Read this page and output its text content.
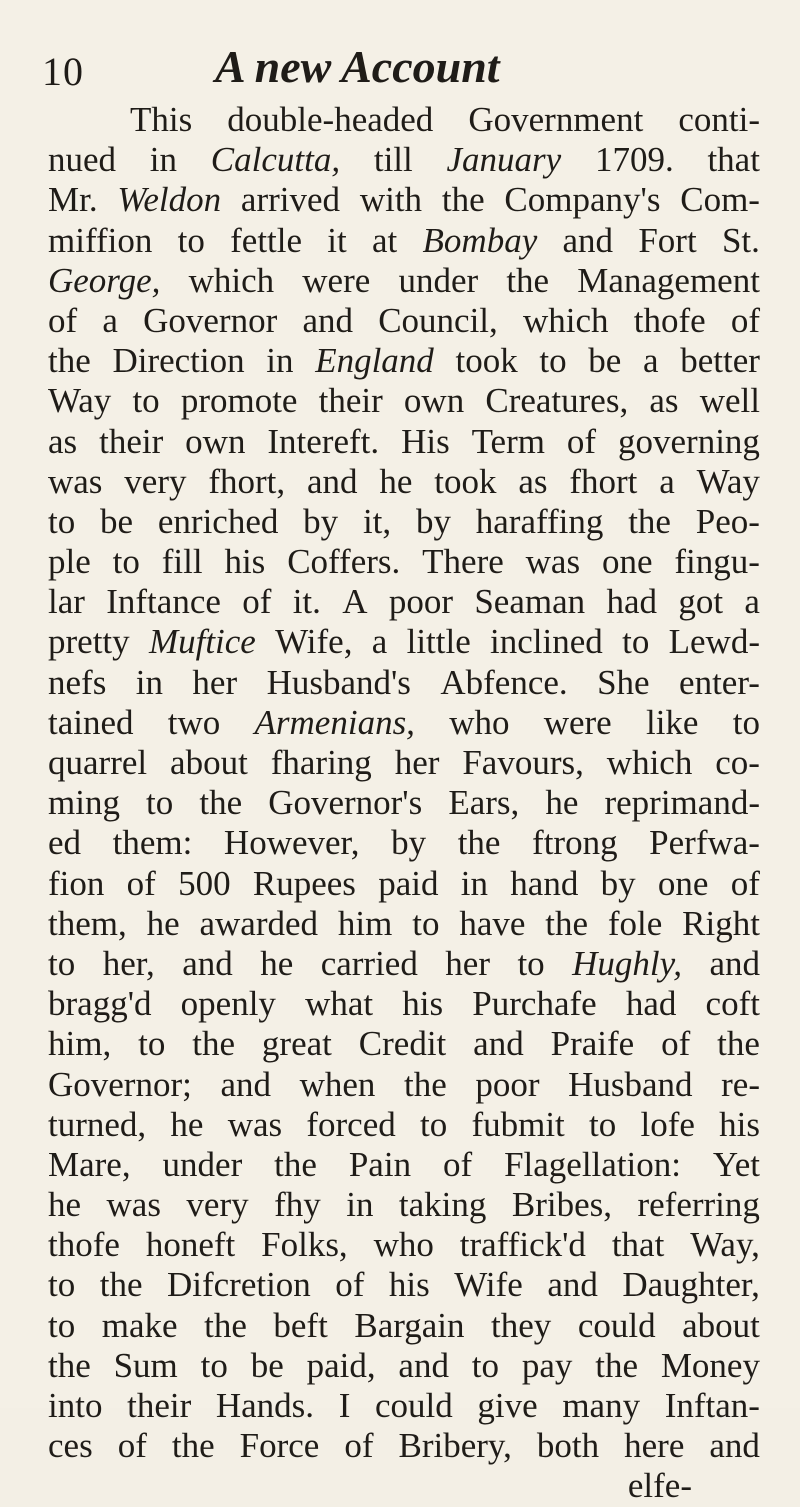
10	A new Account
This double-headed Government conti-
nued in Calcutta, till January 1709. that
Mr. Weldon arrived with the Company's Com-
miffion to fettle it at Bombay and Fort St.
George, which were under the Management
of a Governor and Council, which thofe of
the Direction in England took to be a better
Way to promote their own Creatures, as well
as their own Intereft. His Term of governing
was very fhort, and he took as fhort a Way
to be enriched by it, by haraffing the Peo-
ple to fill his Coffers. There was one fingu-
lar Inftance of it. A poor Seaman had got a
pretty Muftice Wife, a little inclined to Lewd-
nefs in her Husband's Abfence. She enter-
tained two Armenians, who were like to
quarrel about fharing her Favours, which co-
ming to the Governor's Ears, he reprimand-
ed them: However, by the ftrong Perfwa-
fion of 500 Rupees paid in hand by one of
them, he awarded him to have the fole Right
to her, and he carried her to Hughly, and
bragg'd openly what his Purchafe had coft
him, to the great Credit and Praife of the
Governor; and when the poor Husband re-
turned, he was forced to fubmit to lofe his
Mare, under the Pain of Flagellation: Yet
he was very fhy in taking Bribes, referring
thofe honeft Folks, who traffick'd that Way,
to the Difcretion of his Wife and Daughter,
to make the beft Bargain they could about
the Sum to be paid, and to pay the Money
into their Hands. I could give many Inftan-
ces of the Force of Bribery, both here and
elfe-
